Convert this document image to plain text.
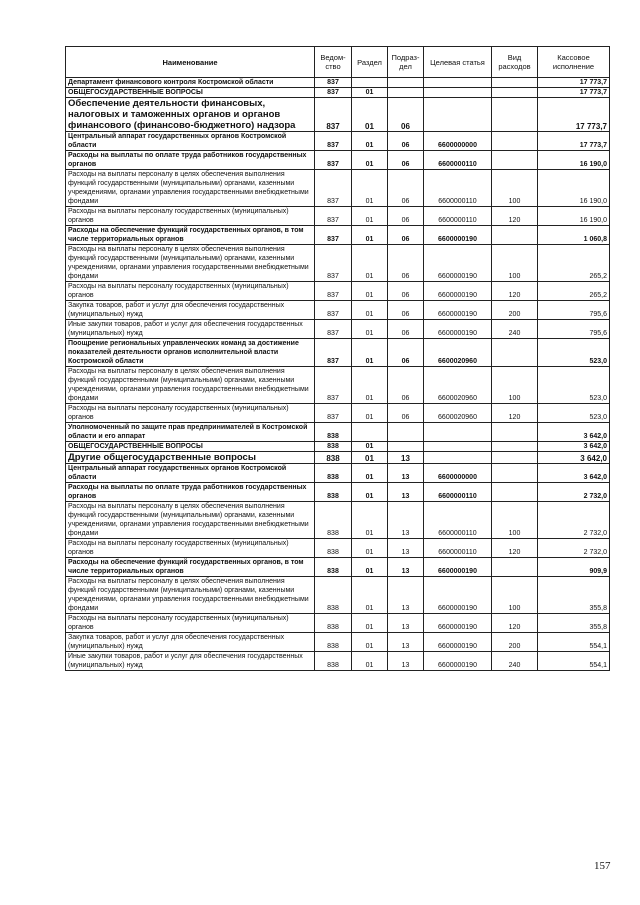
Наименование	Ведом-ство	Раздел	Подраз-дел	Целевая статья	Вид расходов	Кассовое исполнение
Департамент финансового контроля Костромской области	837					17 773,7
ОБЩЕГОСУДАРСТВЕННЫЕ ВОПРОСЫ	837	01				17 773,7
Обеспечение деятельности финансовых, налоговых и таможенных органов и органов финансового (финансово-бюджетного) надзора	837	01	06			17 773,7
Центральный аппарат государственных органов Костромской области	837	01	06	6600000000		17 773,7
Расходы на выплаты по оплате труда работников государственных органов	837	01	06	6600000110		16 190,0
Расходы на выплаты персоналу в целях обеспечения выполнения функций государственными (муниципальными) органами, казенными учреждениями, органами управления государственными внебюджетными фондами	837	01	06	6600000110	100	16 190,0
Расходы на выплаты персоналу государственных (муниципальных) органов	837	01	06	6600000110	120	16 190,0
Расходы на обеспечение функций государственных органов, в том числе территориальных органов	837	01	06	6600000190		1 060,8
Расходы на выплаты персоналу в целях обеспечения выполнения функций государственными (муниципальными) органами, казенными учреждениями, органами управления государственными внебюджетными фондами	837	01	06	6600000190	100	265,2
Расходы на выплаты персоналу государственных (муниципальных) органов	837	01	06	6600000190	120	265,2
Закупка товаров, работ и услуг для обеспечения государственных (муниципальных) нужд	837	01	06	6600000190	200	795,6
Иные закупки товаров, работ и услуг для обеспечения государственных (муниципальных) нужд	837	01	06	6600000190	240	795,6
Поощрение региональных управленческих команд за достижение показателей деятельности органов исполнительной власти Костромской области	837	01	06	6600020960		523,0
Расходы на выплаты персоналу в целях обеспечения выполнения функций государственными (муниципальными) органами, казенными учреждениями, органами управления государственными внебюджетными фондами	837	01	06	6600020960	100	523,0
Расходы на выплаты персоналу государственных (муниципальных) органов	837	01	06	6600020960	120	523,0
Уполномоченный по защите прав предпринимателей в Костромской области и его аппарат	838					3 642,0
ОБЩЕГОСУДАРСТВЕННЫЕ ВОПРОСЫ	838	01				3 642,0
Другие общегосударственные вопросы	838	01	13			3 642,0
Центральный аппарат государственных органов Костромской области	838	01	13	6600000000		3 642,0
Расходы на выплаты по оплате труда работников государственных органов	838	01	13	6600000110		2 732,0
Расходы на выплаты персоналу в целях обеспечения выполнения функций государственными (муниципальными) органами, казенными учреждениями, органами управления государственными внебюджетными фондами	838	01	13	6600000110	100	2 732,0
Расходы на выплаты персоналу государственных (муниципальных) органов	838	01	13	6600000110	120	2 732,0
Расходы на обеспечение функций государственных органов, в том числе территориальных органов	838	01	13	6600000190		909,9
Расходы на выплаты персоналу в целях обеспечения выполнения функций государственными (муниципальными) органами, казенными учреждениями, органами управления государственными внебюджетными фондами	838	01	13	6600000190	100	355,8
Расходы на выплаты персоналу государственных (муниципальных) органов	838	01	13	6600000190	120	355,8
Закупка товаров, работ и услуг для обеспечения государственных (муниципальных) нужд	838	01	13	6600000190	200	554,1
Иные закупки товаров, работ и услуг для обеспечения государственных (муниципальных) нужд	838	01	13	6600000190	240	554,1
157
